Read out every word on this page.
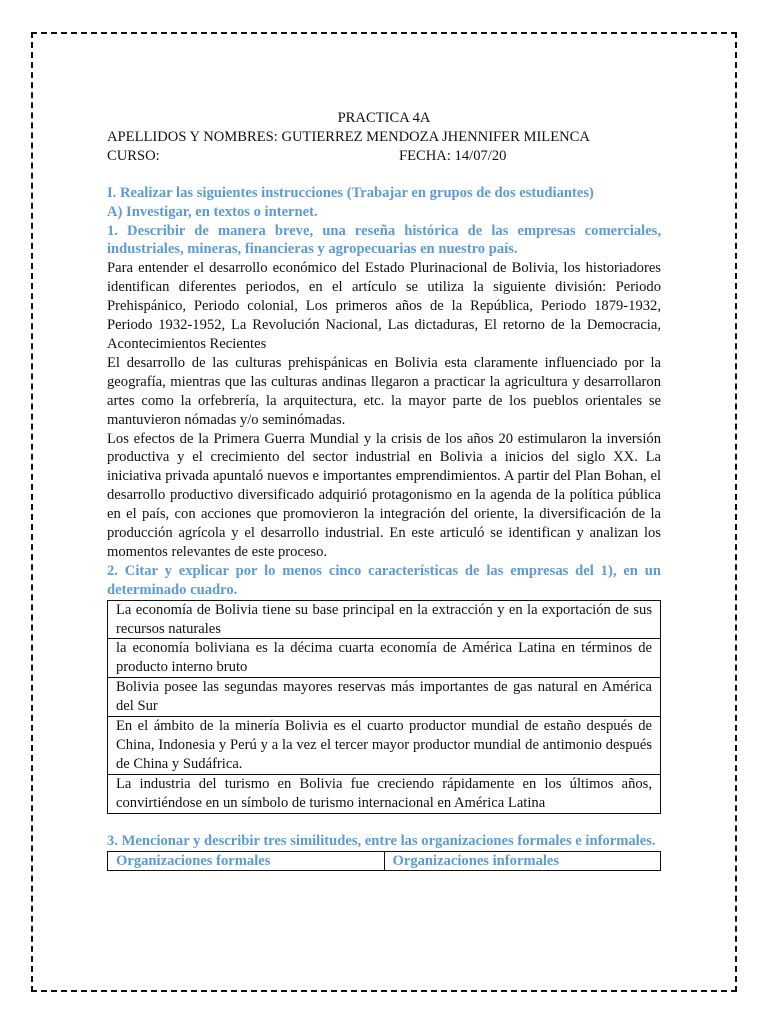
PRACTICA 4A
APELLIDOS Y NOMBRES: GUTIERREZ MENDOZA JHENNIFER MILENCA
CURSO:	FECHA: 14/07/20
I. Realizar las siguientes instrucciones (Trabajar en grupos de dos estudiantes)
A) Investigar, en textos o internet.
1. Describir de manera breve, una reseña histórica de las empresas comerciales, industriales, mineras, financieras y agropecuarias en nuestro país.
Para entender el desarrollo económico del Estado Plurinacional de Bolivia, los historiadores identifican diferentes periodos, en el artículo se utiliza la siguiente división: Periodo Prehispánico, Periodo colonial, Los primeros años de la República, Periodo 1879-1932, Periodo 1932-1952, La Revolución Nacional, Las dictaduras, El retorno de la Democracia, Acontecimientos Recientes
El desarrollo de las culturas prehispánicas en Bolivia esta claramente influenciado por la geografía, mientras que las culturas andinas llegaron a practicar la agricultura y desarrollaron artes como la orfebrería, la arquitectura, etc. la mayor parte de los pueblos orientales se mantuvieron nómadas y/o seminómadas.
Los efectos de la Primera Guerra Mundial y la crisis de los años 20 estimularon la inversión productiva y el crecimiento del sector industrial en Bolivia a inicios del siglo XX. La iniciativa privada apuntaló nuevos e importantes emprendimientos. A partir del Plan Bohan, el desarrollo productivo diversificado adquirió protagonismo en la agenda de la política pública en el país, con acciones que promovieron la integración del oriente, la diversificación de la producción agrícola y el desarrollo industrial. En este articuló se identifican y analizan los momentos relevantes de este proceso.
2. Citar y explicar por lo menos cinco características de las empresas del 1), en un determinado cuadro.
La economía de Bolivia tiene su base principal en la extracción y en la exportación de sus recursos naturales
la economía boliviana es la décima cuarta economía de América Latina en términos de producto interno bruto
Bolivia posee las segundas mayores reservas más importantes de gas natural en América del Sur
En el ámbito de la minería Bolivia es el cuarto productor mundial de estaño después de China, Indonesia y Perú y a la vez el tercer mayor productor mundial de antimonio después de China y Sudáfrica.
La industria del turismo en Bolivia fue creciendo rápidamente en los últimos años, convirtiéndose en un símbolo de turismo internacional en América Latina
3. Mencionar y describir tres similitudes, entre las organizaciones formales e informales.
Organizaciones formales	Organizaciones informales
